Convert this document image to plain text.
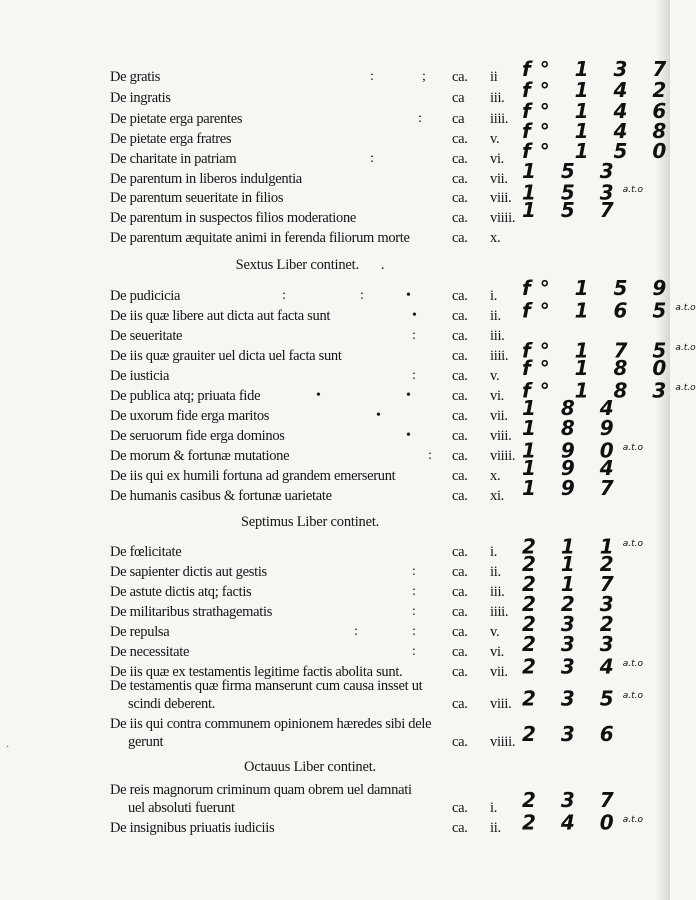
De gratis	:	; ca. ii f° 1 3 7
De ingratis	ca iii. f° 1 4 2
De pietate erga parentes	: ca iiii. f° 1 4 6
De pietate erga fratres	ca. v. f° 1 4 8
De charitate in patriam	:	ca. vi. f° 1 5 0
De parentum in liberos indulgentia	ca. vii. 1 5 3
De parentum seueritate in filios	ca. viii. 1 5 $3^{a.t.o}$
De parentum in suspectos filios moderatione	ca. viiii. 1 5 7
De parentum æquitate animi in ferenda filiorum morte	ca. x.
Sextus Liber continet. .
De pudicicia	:	:	•	ca. i. f° 1 5 9
De iis quæ libere aut dicta aut facta sunt	• ca. ii. f° 1 6 $5^{a.t.o}$
De seueritate	:	ca. iii.
De iis quæ grauiter uel dicta uel facta sunt	ca. iiii. f° 1 7 $5^{a.t.o}$
De iusticia	:	ca. v. f° 1 8 0
De publica atq; priuata fide	•	•	ca. vi. f° 1 8 $3^{a.t.o}$
De uxorum fide erga maritos	•	ca. vii. 1 8 4
De seruorum fide erga dominos	•	ca. viii. 1 8 9
De morum & fortunæ mutatione	: ca. viiii. 1 9 $0^{a.t.o}$
De iis qui ex humili fortuna ad grandem emerserunt	ca. x. 1 9 4
De humanis casibus & fortunæ uarietate	ca. xi. 1 9 7
Septimus Liber continet.
De fœlicitate	ca. i. 2 1 $1^{a.t.o}$
De sapienter dictis aut gestis	:	ca. ii. 2 1 2
De astute dictis atq; factis	:	ca. iii. 2 1 7
De militaribus strathagematis	:	ca. iiii. 2 2 3
De repulsa	:	:	ca. v. 2 3 2
De necessitate	:	ca. vi. 2 3 3
De iis quæ ex testamentis legitime factis abolita sunt.	ca. vii. 2 3 $4^{a.t.o}$
De testamentis quæ firma manserunt cum causa insset ut
scindi deberent.	ca. viii. 2 3 $5^{a.t.o}$
De iis qui contra communem opinionem hæredes sibi dele
gerunt	ca. viiii. 2 3 6
Octauus Liber continet.
De reis magnorum criminum quam obrem uel damnati
uel absoluti fuerunt	ca. i. 2 3 7
De insignibus priuatis iudiciis	ca. ii. 2 4 $0^{a.t.o}$
·
